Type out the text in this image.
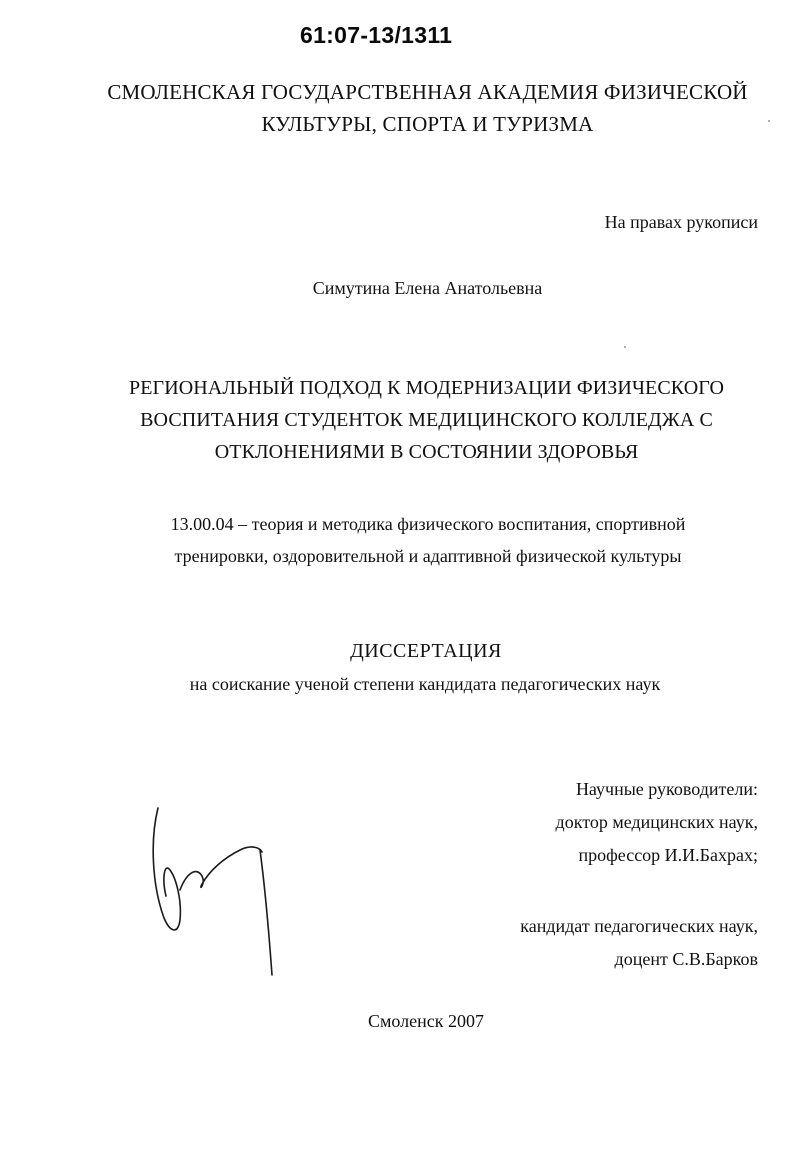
61:07-13/1311
СМОЛЕНСКАЯ ГОСУДАРСТВЕННАЯ АКАДЕМИЯ ФИЗИЧЕСКОЙ
КУЛЬТУРЫ, СПОРТА И ТУРИЗМА
На правах рукописи
Симутина Елена Анатольевна
РЕГИОНАЛЬНЫЙ ПОДХОД К МОДЕРНИЗАЦИИ ФИЗИЧЕСКОГО
ВОСПИТАНИЯ СТУДЕНТОК МЕДИЦИНСКОГО КОЛЛЕДЖА С
ОТКЛОНЕНИЯМИ В СОСТОЯНИИ ЗДОРОВЬЯ
13.00.04 – теория и методика физического воспитания, спортивной
тренировки, оздоровительной и адаптивной физической культуры
ДИССЕРТАЦИЯ
на соискание ученой степени кандидата педагогических наук
Научные руководители:
доктор медицинских наук,
профессор И.И.Бахрах;
кандидат педагогических наук,
доцент С.В.Барков
Смоленск 2007
